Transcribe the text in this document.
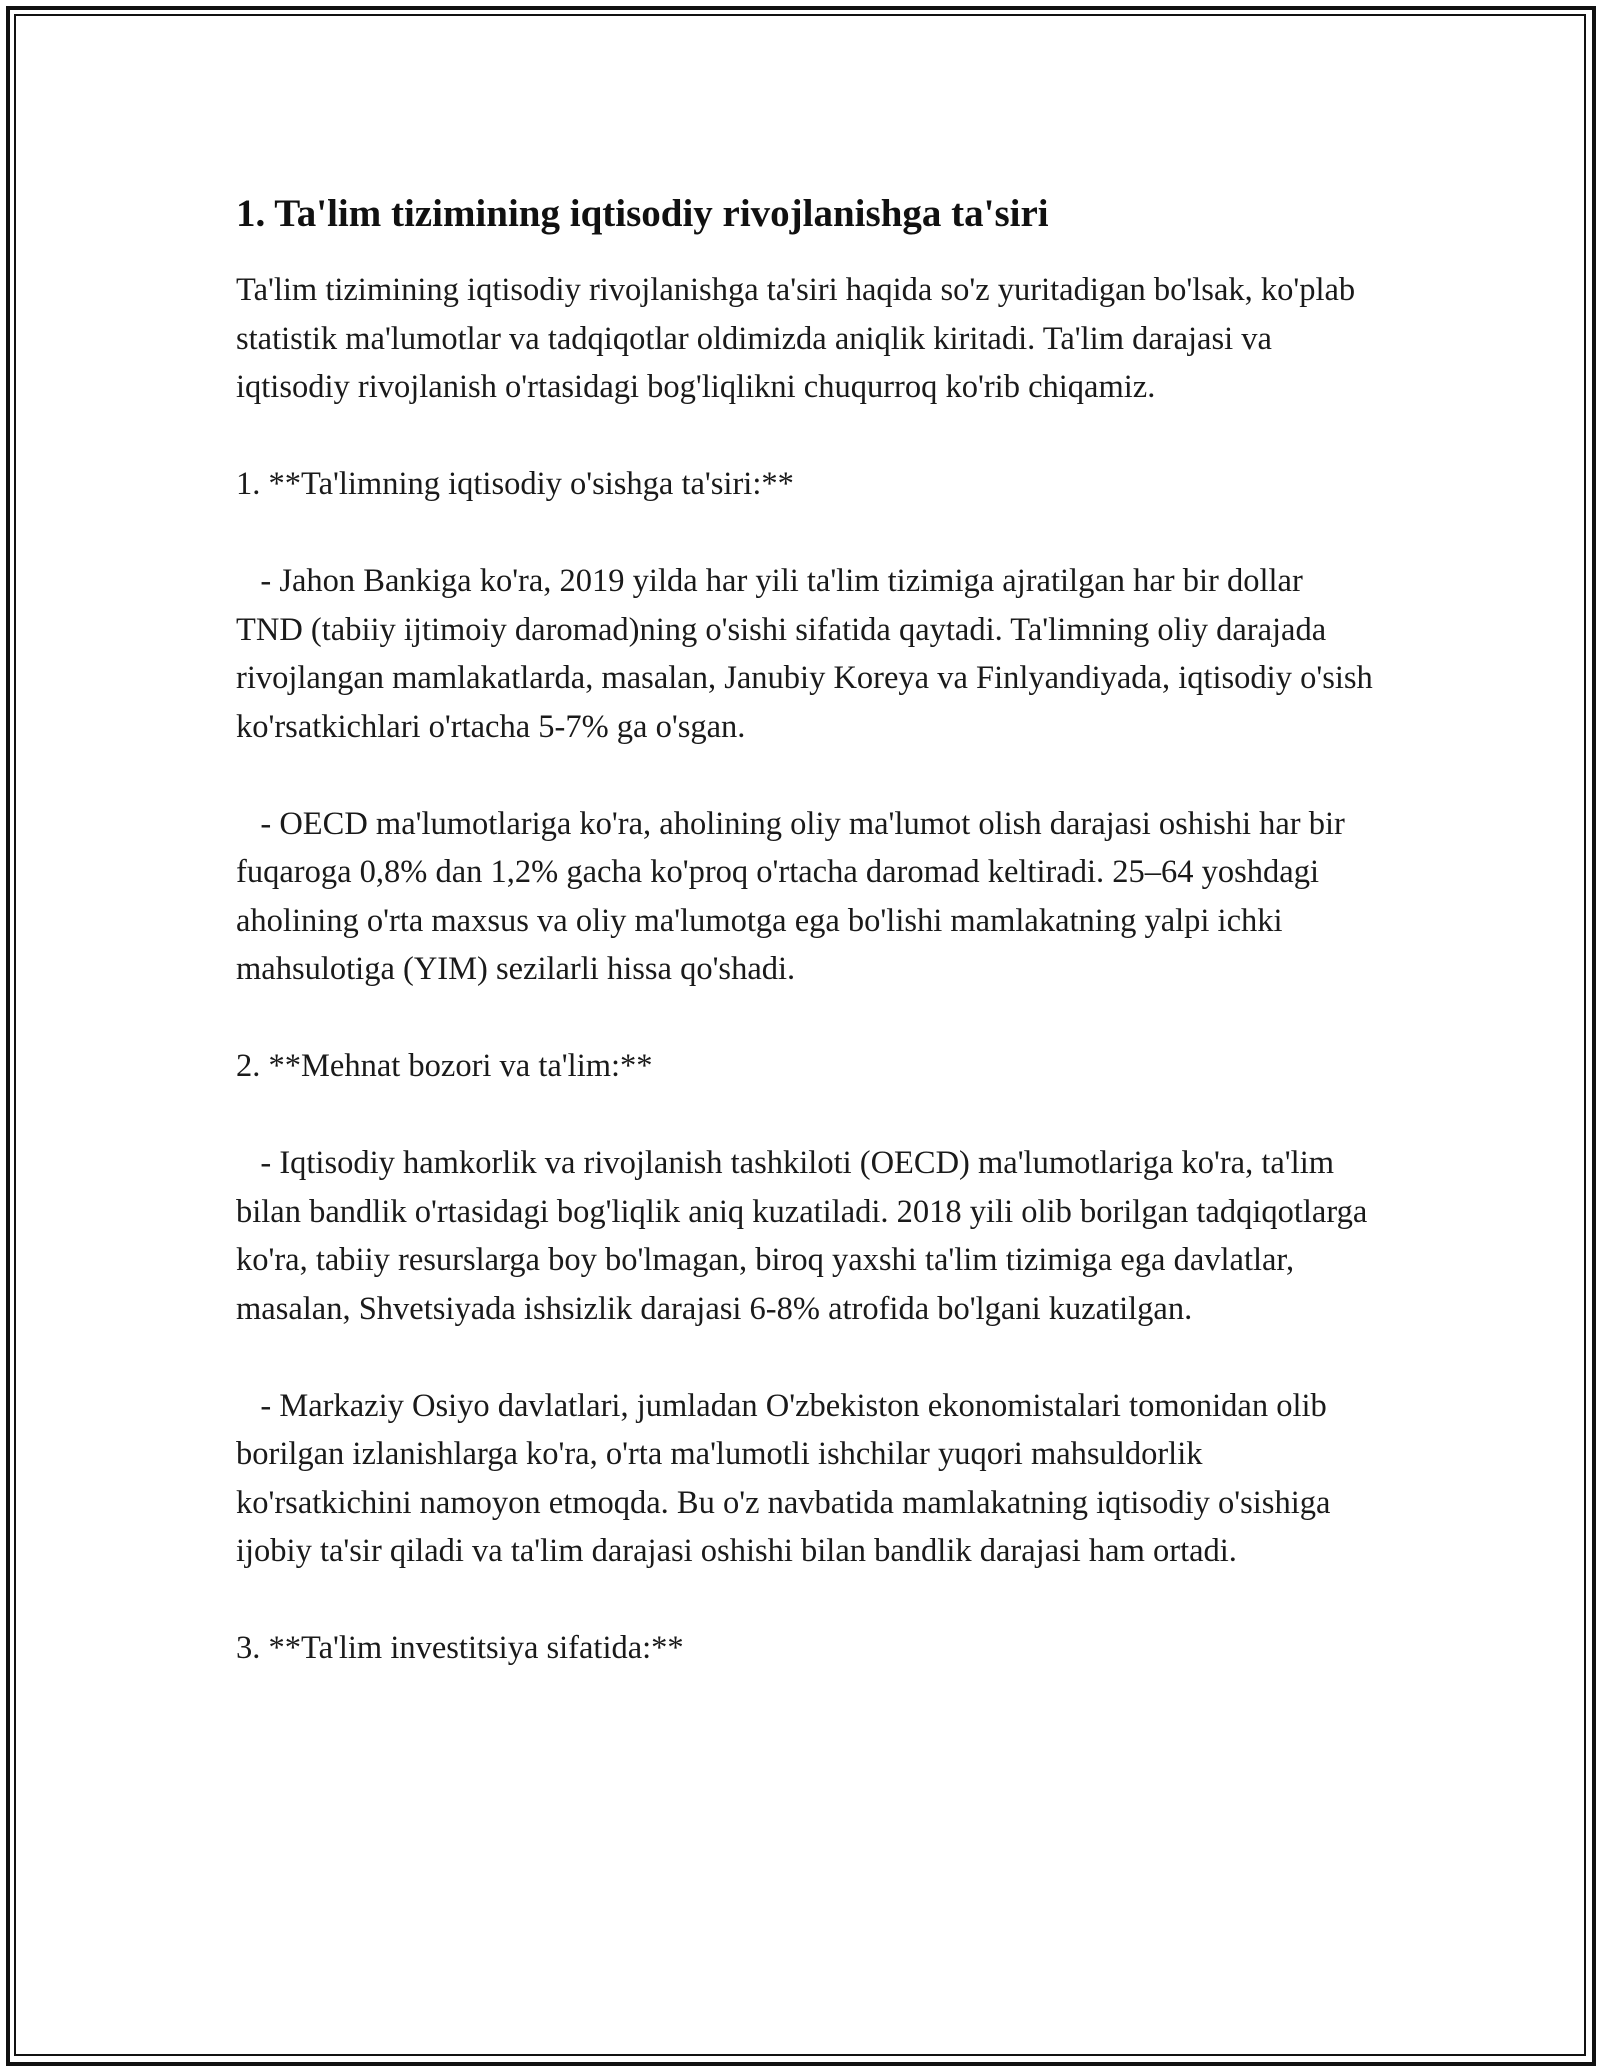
1. Ta'lim tizimining iqtisodiy rivojlanishga ta'siri

Ta'lim tizimining iqtisodiy rivojlanishga ta'siri haqida so'z yuritadigan bo'lsak, ko'plab statistik ma'lumotlar va tadqiqotlar oldimizda aniqlik kiritadi. Ta'lim darajasi va iqtisodiy rivojlanish o'rtasidagi bog'liqlikni chuqurroq ko'rib chiqamiz.

1. **Ta'limning iqtisodiy o'sishga ta'siri:**

- Jahon Bankiga ko'ra, 2019 yilda har yili ta'lim tizimiga ajratilgan har bir dollar TND (tabiiy ijtimoiy daromad)ning o'sishi sifatida qaytadi. Ta'limning oliy darajada rivojlangan mamlakatlarda, masalan, Janubiy Koreya va Finlyandiyada, iqtisodiy o'sish ko'rsatkichlari o'rtacha 5-7% ga o'sgan.

- OECD ma'lumotlariga ko'ra, aholining oliy ma'lumot olish darajasi oshishi har bir fuqaroga 0,8% dan 1,2% gacha ko'proq o'rtacha daromad keltiradi. 25–64 yoshdagi aholining o'rta maxsus va oliy ma'lumotga ega bo'lishi mamlakatning yalpi ichki mahsulotiga (YIM) sezilarli hissa qo'shadi.

2. **Mehnat bozori va ta'lim:**

- Iqtisodiy hamkorlik va rivojlanish tashkiloti (OECD) ma'lumotlariga ko'ra, ta'lim bilan bandlik o'rtasidagi bog'liqlik aniq kuzatiladi. 2018 yili olib borilgan tadqiqotlarga ko'ra, tabiiy resurslarga boy bo'lmagan, biroq yaxshi ta'lim tizimiga ega davlatlar, masalan, Shvetsiyada ishsizlik darajasi 6-8% atrofida bo'lgani kuzatilgan.

- Markaziy Osiyo davlatlari, jumladan O'zbekiston ekonomistalari tomonidan olib borilgan izlanishlarga ko'ra, o'rta ma'lumotli ishchilar yuqori mahsuldorlik ko'rsatkichini namoyon etmoqda. Bu o'z navbatida mamlakatning iqtisodiy o'sishiga ijobiy ta'sir qiladi va ta'lim darajasi oshishi bilan bandlik darajasi ham ortadi.

3. **Ta'lim investitsiya sifatida:**
